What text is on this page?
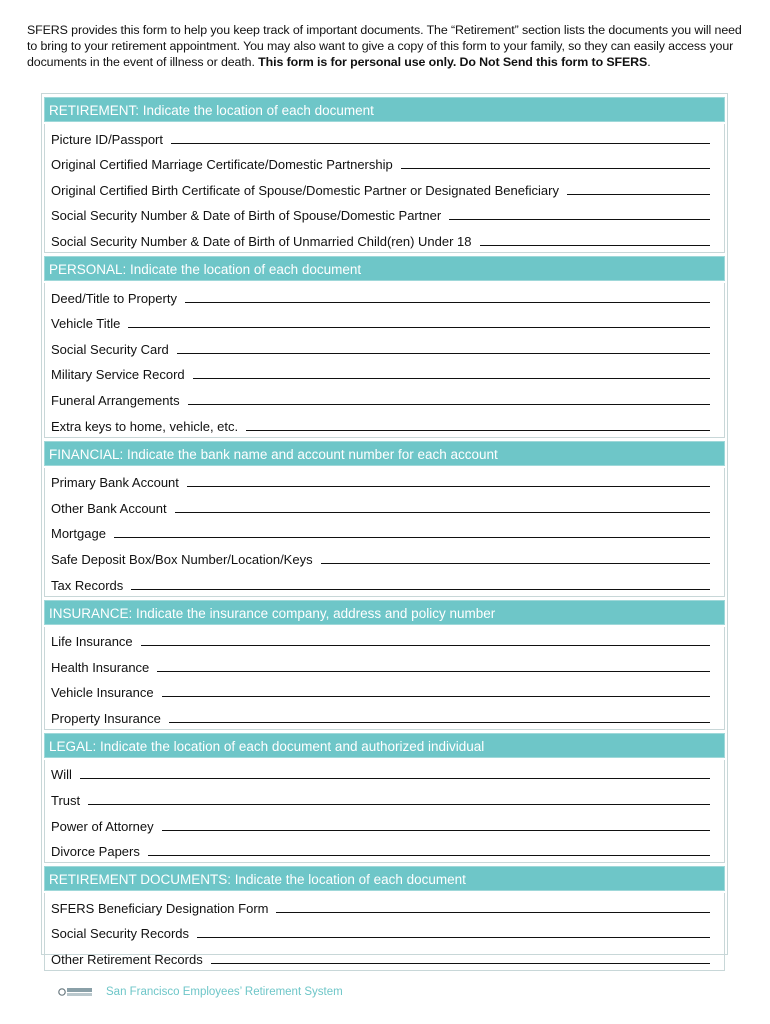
SFERS provides this form to help you keep track of important documents. The “Retirement” section lists the documents you will need to bring to your retirement appointment. You may also want to give a copy of this form to your family, so they can easily access your documents in the event of illness or death. This form is for personal use only. Do Not Send this form to SFERS.
RETIREMENT: Indicate the location of each document
Picture ID/Passport
Original Certified Marriage Certificate/Domestic Partnership
Original Certified Birth Certificate of Spouse/Domestic Partner or Designated Beneficiary
Social Security Number & Date of Birth of Spouse/Domestic Partner
Social Security Number & Date of Birth of Unmarried Child(ren) Under 18
PERSONAL: Indicate the location of each document
Deed/Title to Property
Vehicle Title
Social Security Card
Military Service Record
Funeral Arrangements
Extra keys to home, vehicle, etc.
FINANCIAL: Indicate the bank name and account number for each account
Primary Bank Account
Other Bank Account
Mortgage
Safe Deposit Box/Box Number/Location/Keys
Tax Records
INSURANCE: Indicate the insurance company, address and policy number
Life Insurance
Health Insurance
Vehicle Insurance
Property Insurance
LEGAL: Indicate the location of each document and authorized individual
Will
Trust
Power of Attorney
Divorce Papers
RETIREMENT DOCUMENTS: Indicate the location of each document
SFERS Beneficiary Designation Form
Social Security Records
Other Retirement Records
San Francisco Employees’ Retirement System
